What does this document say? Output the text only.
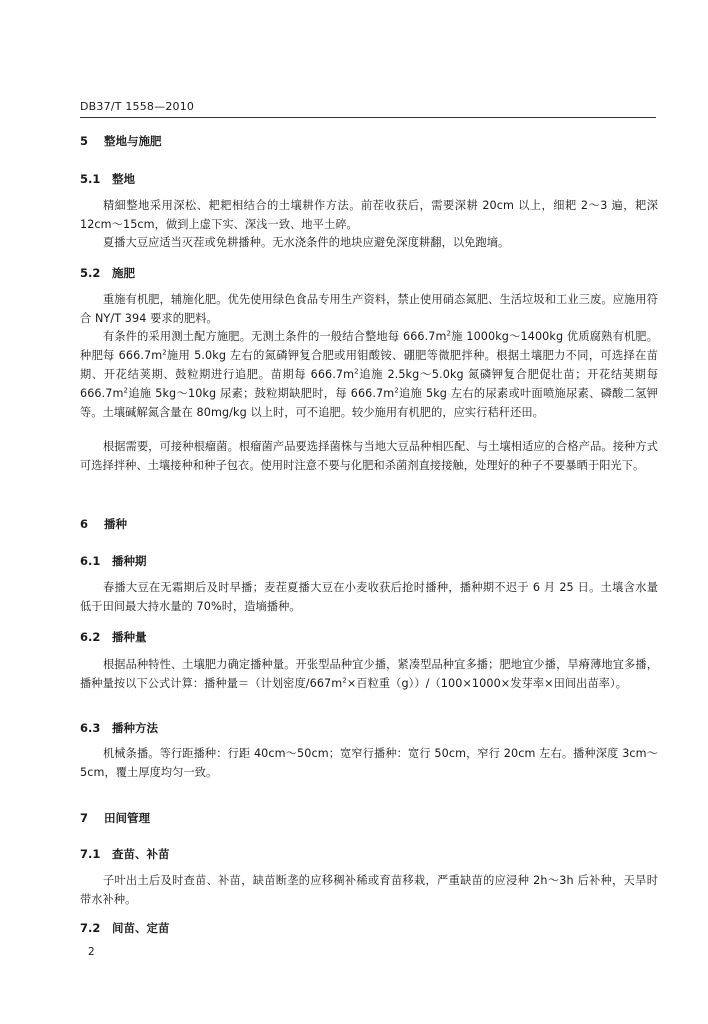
DB37/T 1558—2010
5 整地与施肥
5.1 整地
精細整地采用深松、耙耙相结合的土壤耕作方法。前茬收获后，需要深耕 20cm 以上，细耙 2～3 遍，耙深 12cm～15cm，做到上虚下实、深浅一致、地平土碎。
夏播大豆应适当灭茬或免耕播种。无水浇条件的地块应避免深度耕翻，以免跑墒。
5.2 施肥
重施有机肥，辅施化肥。优先使用绿色食品专用生产资料，禁止使用硝态氮肥、生活垃圾和工业三废。应施用符合 NY/T 394 要求的肥料。
有条件的采用测土配方施肥。无测土条件的一般结合整地每 $666.7m^2$施 1000kg～1400kg 优质腐熟有机肥。种肥每 $666.7m^2$施用 5.0kg 左右的氮磷钾复合肥或用钼酸铵、硼肥等微肥拌种。根据土壤肥力不同，可选择在苗期、开花结荚期、鼓粒期进行追肥。苗期每 $666.7m^2$追施 2.5kg～5.0kg 氮磷钾复合肥促壮苗；开花结荚期每 $666.7m^2$追施 5kg～10kg 尿素；鼓粒期缺肥时，每 $666.7m^2$追施 5kg 左右的尿素或叶面喷施尿素、磷酸二氢钾等。土壤碱解氮含量在 80mg/kg 以上时，可不追肥。较少施用有机肥的，应实行秸秆还田。
根据需要，可接种根瘤菌。根瘤菌产品要选择菌株与当地大豆品种相匹配、与土壤相适应的合格产品。接种方式可选择拌种、土壤接种和种子包衣。使用时注意不要与化肥和杀菌剂直接接触，处理好的种子不要暴晒于阳光下。
6 播种
6.1 播种期
春播大豆在无霜期后及时早播；麦茬夏播大豆在小麦收获后抢时播种，播种期不迟于 6 月 25 日。土壤含水量低于田间最大持水量的 70%时，造墒播种。
6.2 播种量
根据品种特性、土壤肥力确定播种量。开张型品种宜少播，紧凑型品种宜多播；肥地宜少播，旱瘠薄地宜多播，播种量按以下公式计算：播种量＝（计划密度$/667m^2\times$百粒重（g））/（100×1000×发芽率×田间出苗率）。
6.3 播种方法
机械条播。等行距播种：行距 40cm～50cm；宽窄行播种：宽行 50cm，窄行 20cm 左右。播种深度 3cm～5cm，覆土厚度均匀一致。
7 田间管理
7.1 查苗、补苗
子叶出土后及时查苗、补苗，缺苗断垄的应移稠补稀或育苗移栽，严重缺苗的应浸种 2h～3h 后补种，天旱时带水补种。
7.2 间苗、定苗
2
